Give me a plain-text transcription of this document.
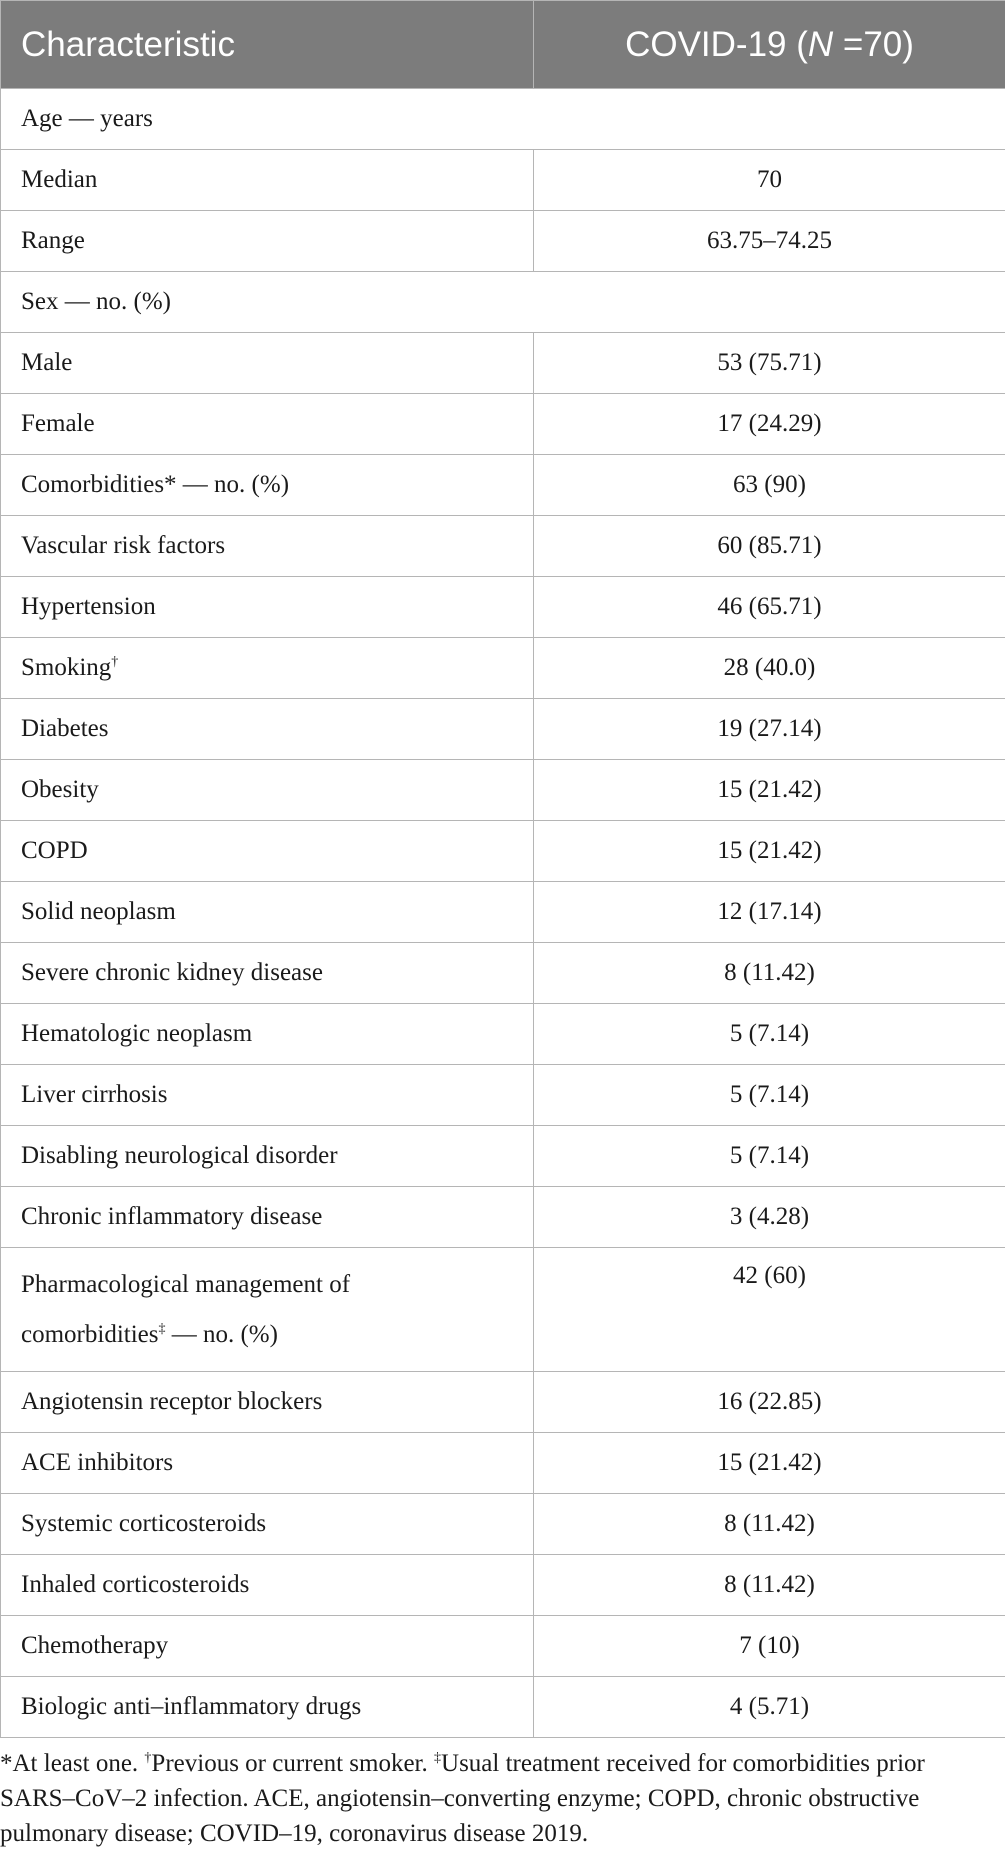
Characteristic	COVID-19 (N =70)
Age — years	
Median	70
Range	63.75–74.25
Sex — no. (%)	
Male	53 (75.71)
Female	17 (24.29)
Comorbidities* — no. (%)	63 (90)
Vascular risk factors	60 (85.71)
Hypertension	46 (65.71)
Smoking†	28 (40.0)
Diabetes	19 (27.14)
Obesity	15 (21.42)
COPD	15 (21.42)
Solid neoplasm	12 (17.14)
Severe chronic kidney disease	8 (11.42)
Hematologic neoplasm	5 (7.14)
Liver cirrhosis	5 (7.14)
Disabling neurological disorder	5 (7.14)
Chronic inflammatory disease	3 (4.28)
Pharmacological management of
comorbidities‡ — no. (%)	42 (60)
Angiotensin receptor blockers	16 (22.85)
ACE inhibitors	15 (21.42)
Systemic corticosteroids	8 (11.42)
Inhaled corticosteroids	8 (11.42)
Chemotherapy	7 (10)
Biologic anti–inflammatory drugs	4 (5.71)
*At least one. †Previous or current smoker. ‡Usual treatment received for comorbidities prior SARS–CoV–2 infection. ACE, angiotensin–converting enzyme; COPD, chronic obstructive pulmonary disease; COVID–19, coronavirus disease 2019.
